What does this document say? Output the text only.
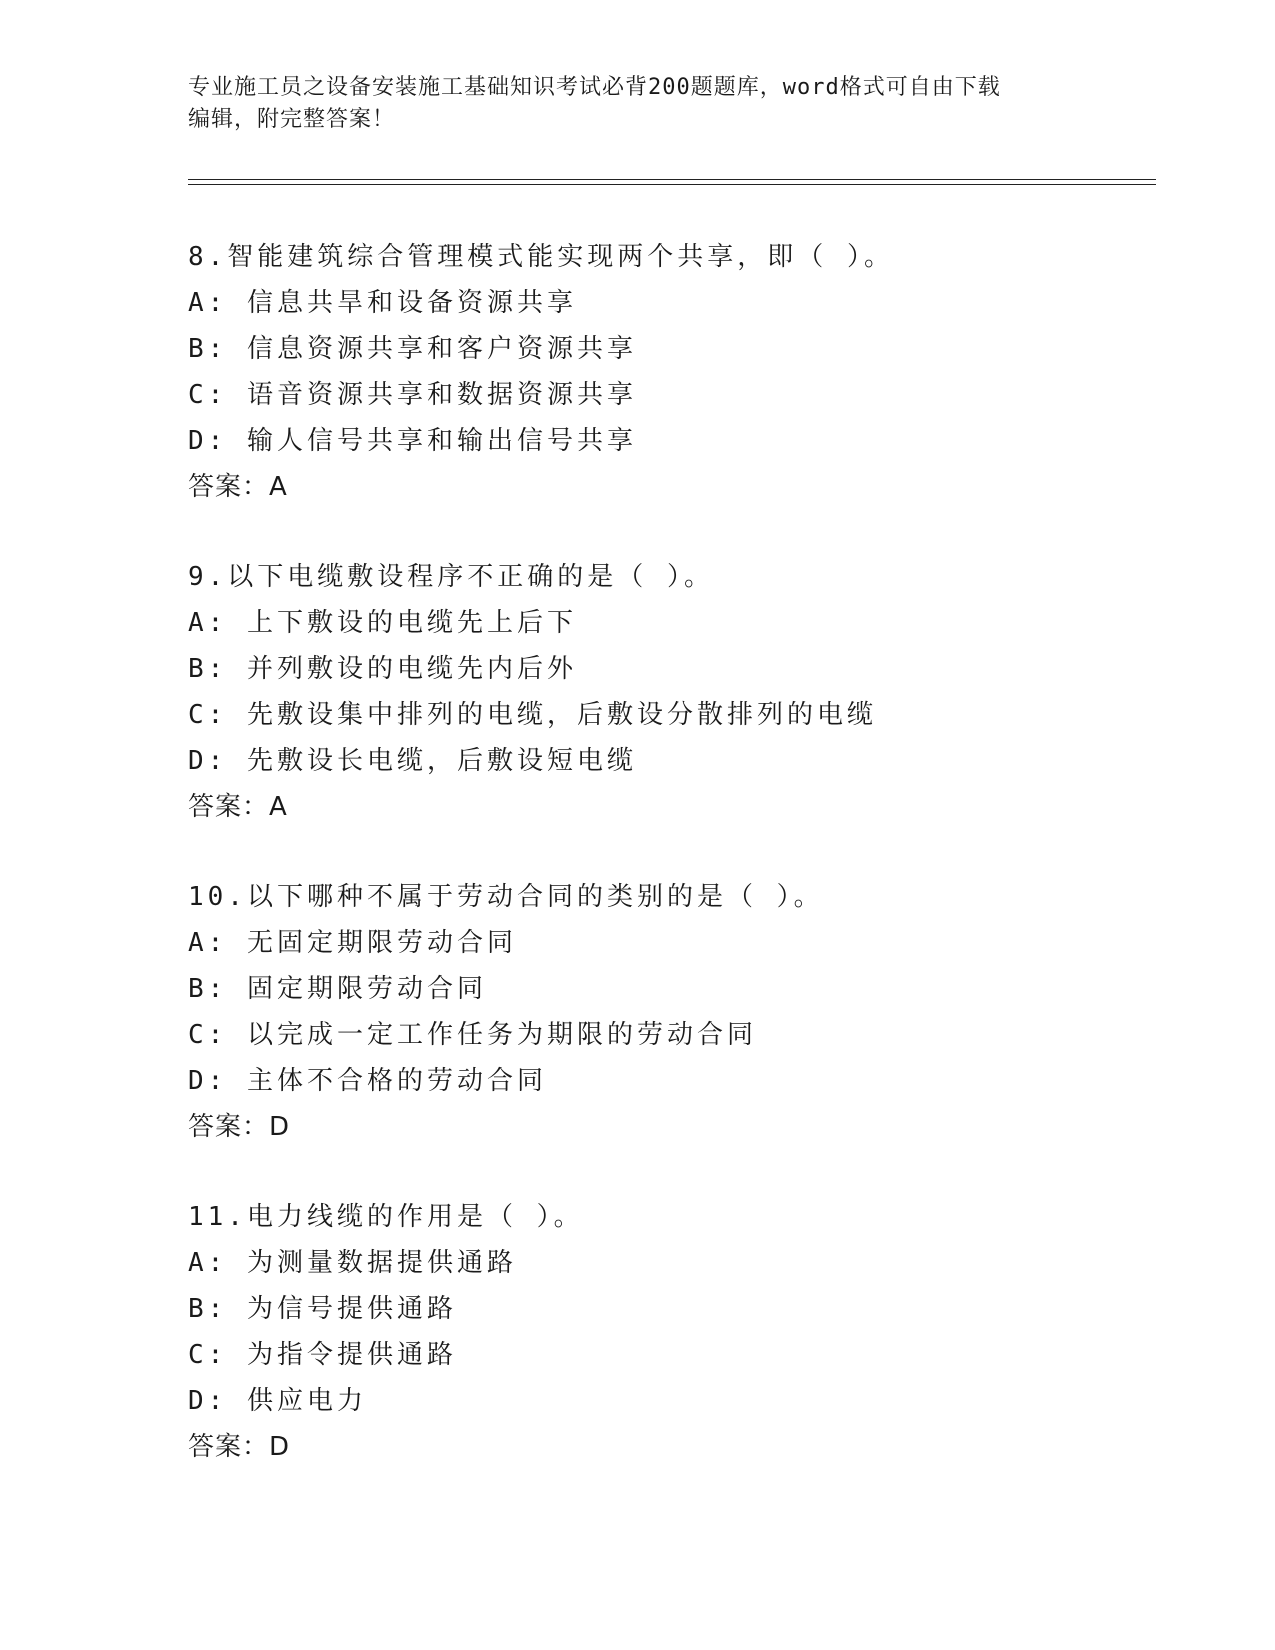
专业施工员之设备安装施工基础知识考试必背200题题库，word格式可自由下载
编辑，附完整答案！
8.智能建筑综合管理模式能实现两个共享，即（ ）。
A: 信息共旱和设备资源共享
B: 信息资源共享和客户资源共享
C: 语音资源共享和数据资源共享
D: 输人信号共享和输出信号共享
答案：A
9.以下电缆敷设程序不正确的是（ ）。
A: 上下敷设的电缆先上后下
B: 并列敷设的电缆先内后外
C: 先敷设集中排列的电缆，后敷设分散排列的电缆
D: 先敷设长电缆，后敷设短电缆
答案：A
10.以下哪种不属于劳动合同的类别的是（ ）。
A: 无固定期限劳动合同
B: 固定期限劳动合同
C: 以完成一定工作任务为期限的劳动合同
D: 主体不合格的劳动合同
答案：D
11.电力线缆的作用是（ ）。
A: 为测量数据提供通路
B: 为信号提供通路
C: 为指令提供通路
D: 供应电力
答案：D
